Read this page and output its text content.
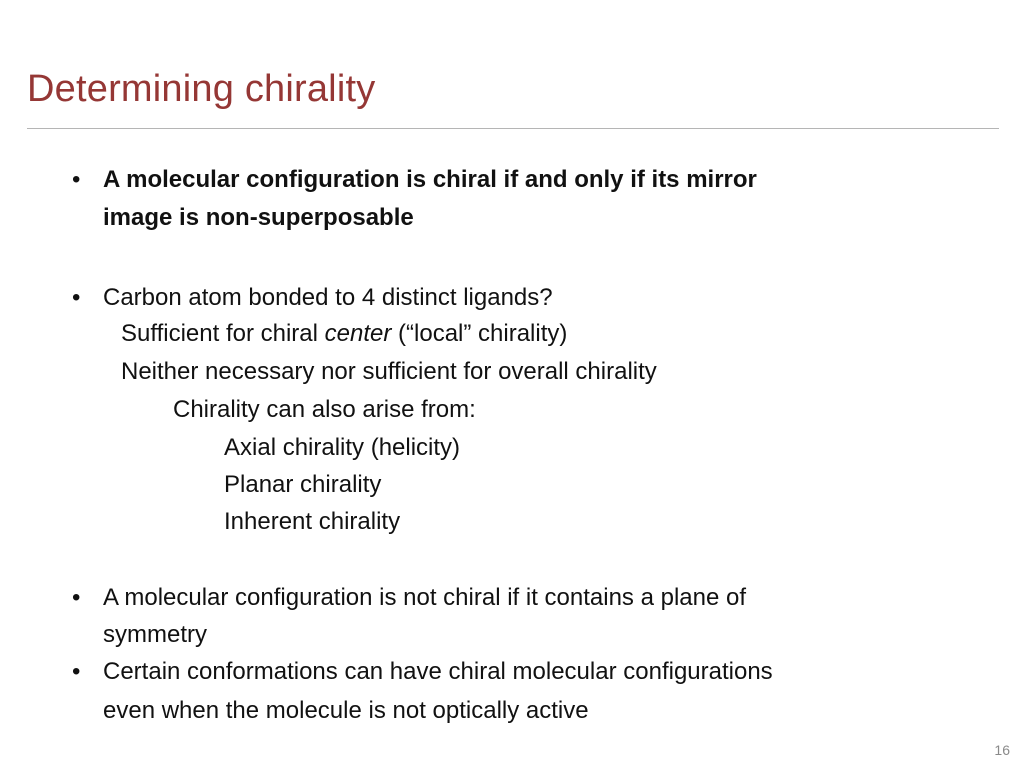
Determining chirality
• A molecular configuration is chiral if and only if its mirror
image is non-superposable
• Carbon atom bonded to 4 distinct ligands?
Sufficient for chiral center (“local” chirality)
Neither necessary nor sufficient for overall chirality
Chirality can also arise from:
Axial chirality (helicity)
Planar chirality
Inherent chirality
• A molecular configuration is not chiral if it contains a plane of
symmetry
• Certain conformations can have chiral molecular configurations
even when the molecule is not optically active
16
